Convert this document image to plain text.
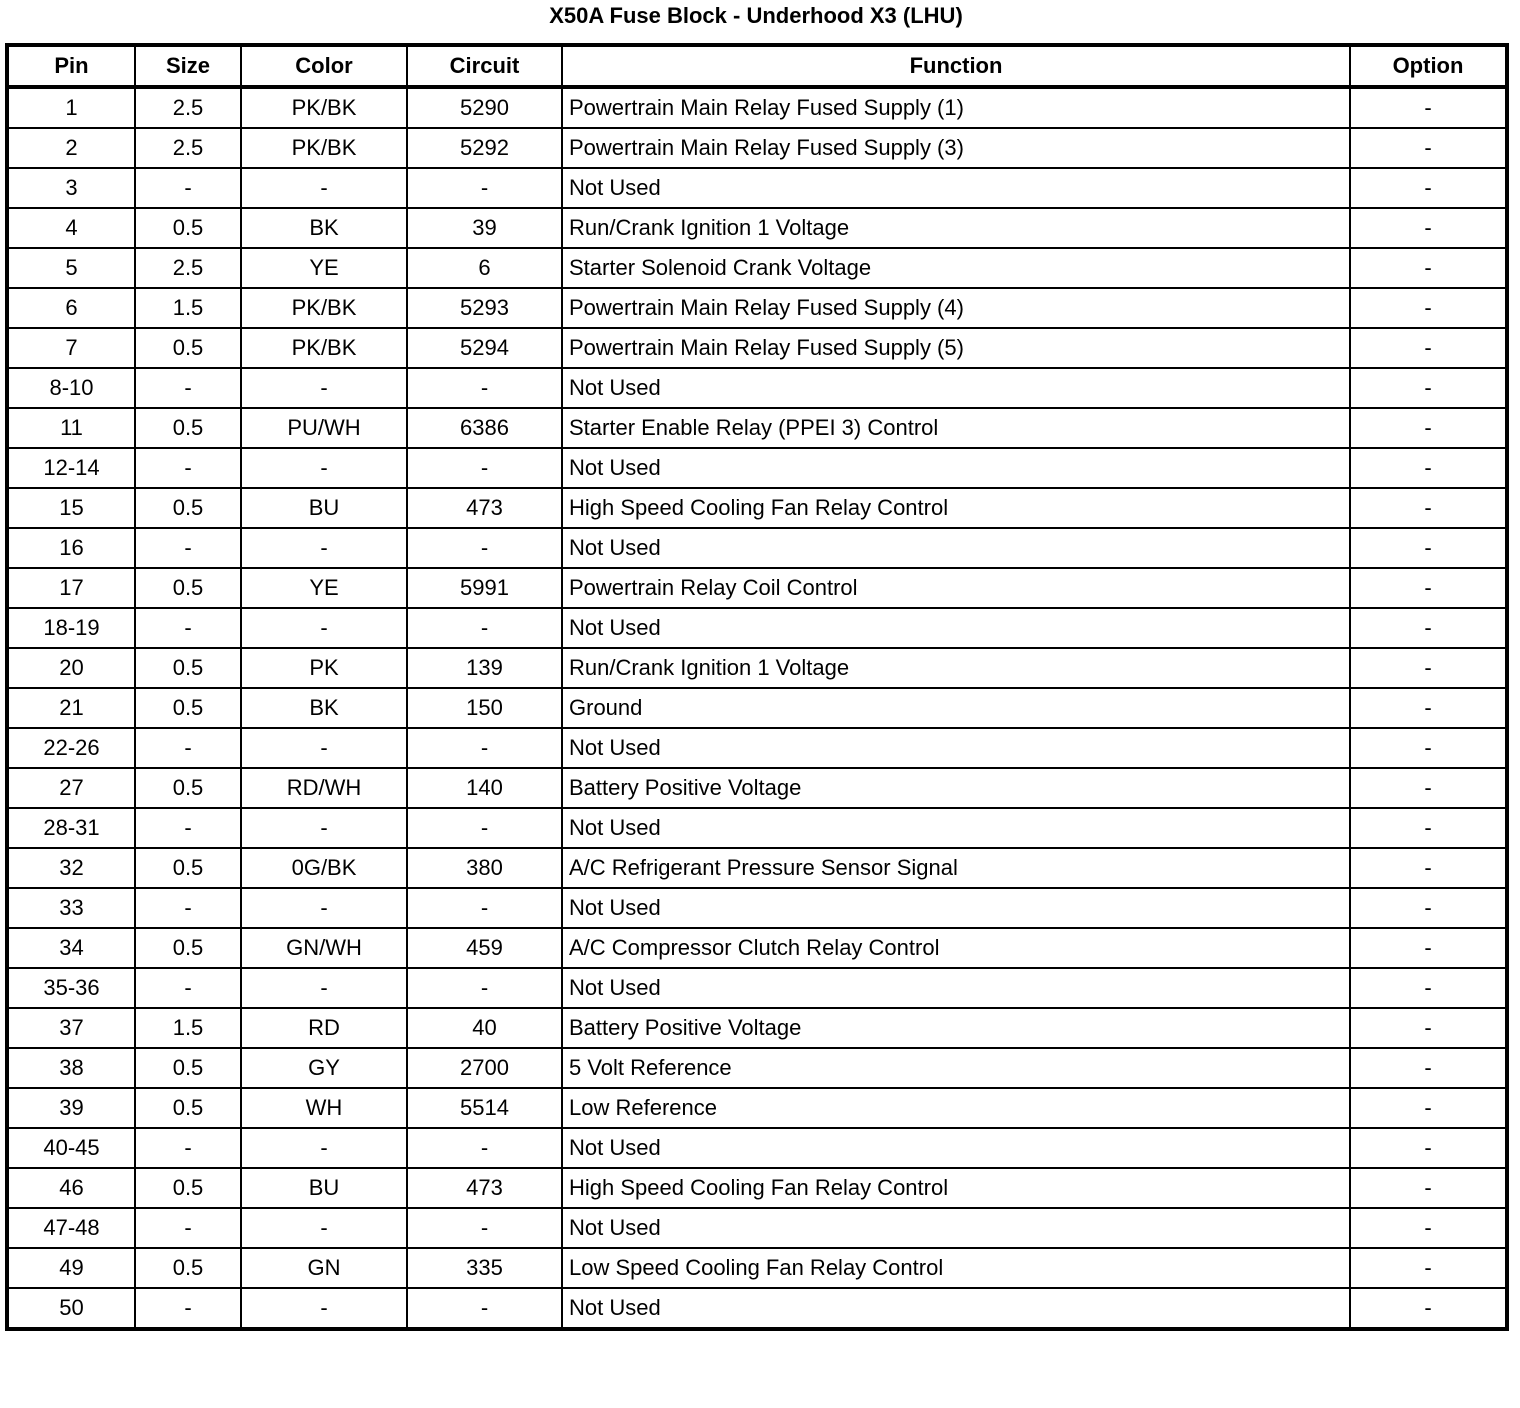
X50A Fuse Block - Underhood X3 (LHU)
Pin	Size	Color	Circuit	Function	Option
1	2.5	PK/BK	5290	Powertrain Main Relay Fused Supply (1)	-
2	2.5	PK/BK	5292	Powertrain Main Relay Fused Supply (3)	-
3	-	-	-	Not Used	-
4	0.5	BK	39	Run/Crank Ignition 1 Voltage	-
5	2.5	YE	6	Starter Solenoid Crank Voltage	-
6	1.5	PK/BK	5293	Powertrain Main Relay Fused Supply (4)	-
7	0.5	PK/BK	5294	Powertrain Main Relay Fused Supply (5)	-
8-10	-	-	-	Not Used	-
11	0.5	PU/WH	6386	Starter Enable Relay (PPEI 3) Control	-
12-14	-	-	-	Not Used	-
15	0.5	BU	473	High Speed Cooling Fan Relay Control	-
16	-	-	-	Not Used	-
17	0.5	YE	5991	Powertrain Relay Coil Control	-
18-19	-	-	-	Not Used	-
20	0.5	PK	139	Run/Crank Ignition 1 Voltage	-
21	0.5	BK	150	Ground	-
22-26	-	-	-	Not Used	-
27	0.5	RD/WH	140	Battery Positive Voltage	-
28-31	-	-	-	Not Used	-
32	0.5	0G/BK	380	A/C Refrigerant Pressure Sensor Signal	-
33	-	-	-	Not Used	-
34	0.5	GN/WH	459	A/C Compressor Clutch Relay Control	-
35-36	-	-	-	Not Used	-
37	1.5	RD	40	Battery Positive Voltage	-
38	0.5	GY	2700	5 Volt Reference	-
39	0.5	WH	5514	Low Reference	-
40-45	-	-	-	Not Used	-
46	0.5	BU	473	High Speed Cooling Fan Relay Control	-
47-48	-	-	-	Not Used	-
49	0.5	GN	335	Low Speed Cooling Fan Relay Control	-
50	-	-	-	Not Used	-
